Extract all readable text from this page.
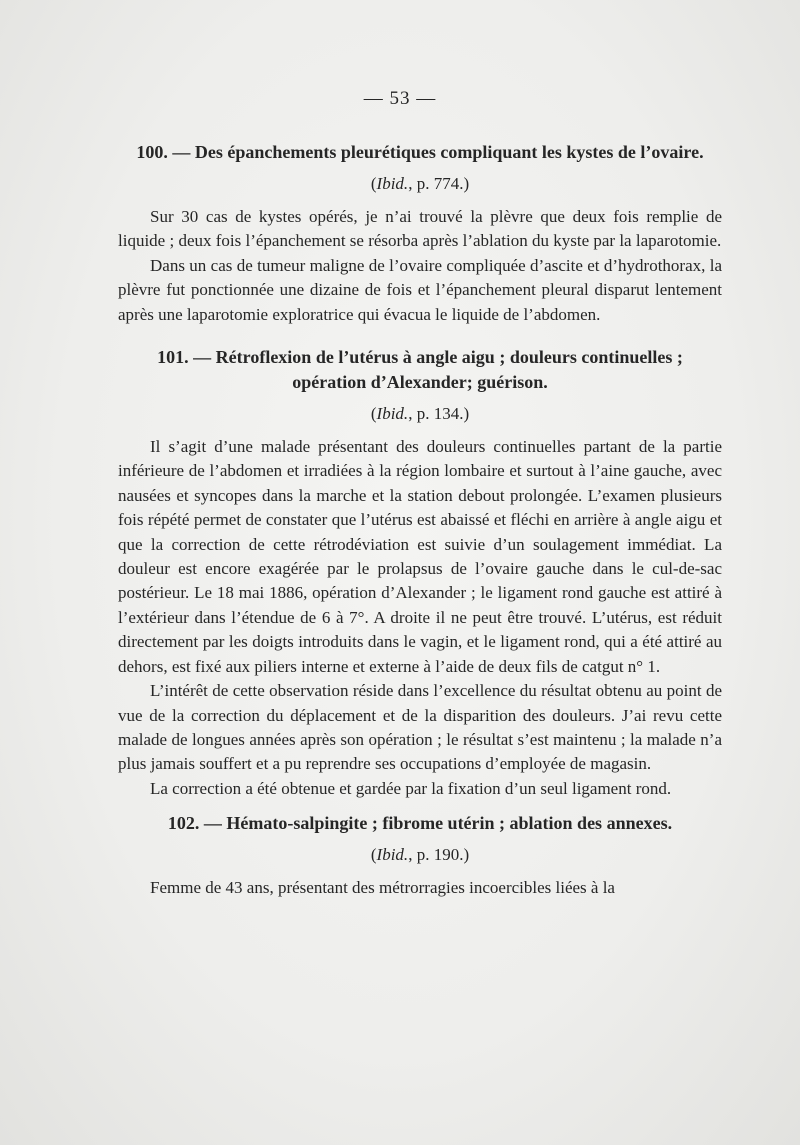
— 53 —

100. — Des épanchements pleurétiques compliquant les kystes de l’ovaire.

(Ibid., p. 774.)

Sur 30 cas de kystes opérés, je n’ai trouvé la plèvre que deux fois remplie de liquide ; deux fois l’épanchement se résorba après l’ablation du kyste par la laparotomie.

Dans un cas de tumeur maligne de l’ovaire compliquée d’ascite et d’hydrothorax, la plèvre fut ponctionnée une dizaine de fois et l’épanchement pleural disparut lentement après une laparotomie exploratrice qui évacua le liquide de l’abdomen.

101. — Rétroflexion de l’utérus à angle aigu ; douleurs continuelles ; opération d’Alexander; guérison.

(Ibid., p. 134.)

Il s’agit d’une malade présentant des douleurs continuelles partant de la partie inférieure de l’abdomen et irradiées à la région lombaire et surtout à l’aine gauche, avec nausées et syncopes dans la marche et la station debout prolongée. L’examen plusieurs fois répété permet de constater que l’utérus est abaissé et fléchi en arrière à angle aigu et que la correction de cette rétrodéviation est suivie d’un soulagement immédiat. La douleur est encore exagérée par le prolapsus de l’ovaire gauche dans le cul-de-sac postérieur. Le 18 mai 1886, opération d’Alexander ; le ligament rond gauche est attiré à l’extérieur dans l’étendue de 6 à 7°. A droite il ne peut être trouvé. L’utérus, est réduit directement par les doigts introduits dans le vagin, et le ligament rond, qui a été attiré au dehors, est fixé aux piliers interne et externe à l’aide de deux fils de catgut n° 1.

L’intérêt de cette observation réside dans l’excellence du résultat obtenu au point de vue de la correction du déplacement et de la disparition des douleurs. J’ai revu cette malade de longues années après son opération ; le résultat s’est maintenu ; la malade n’a plus jamais souffert et a pu reprendre ses occupations d’employée de magasin.

La correction a été obtenue et gardée par la fixation d’un seul ligament rond.

102. — Hémato-salpingite ; fibrome utérin ; ablation des annexes.

(Ibid., p. 190.)

Femme de 43 ans, présentant des métrorragies incoercibles liées à la
